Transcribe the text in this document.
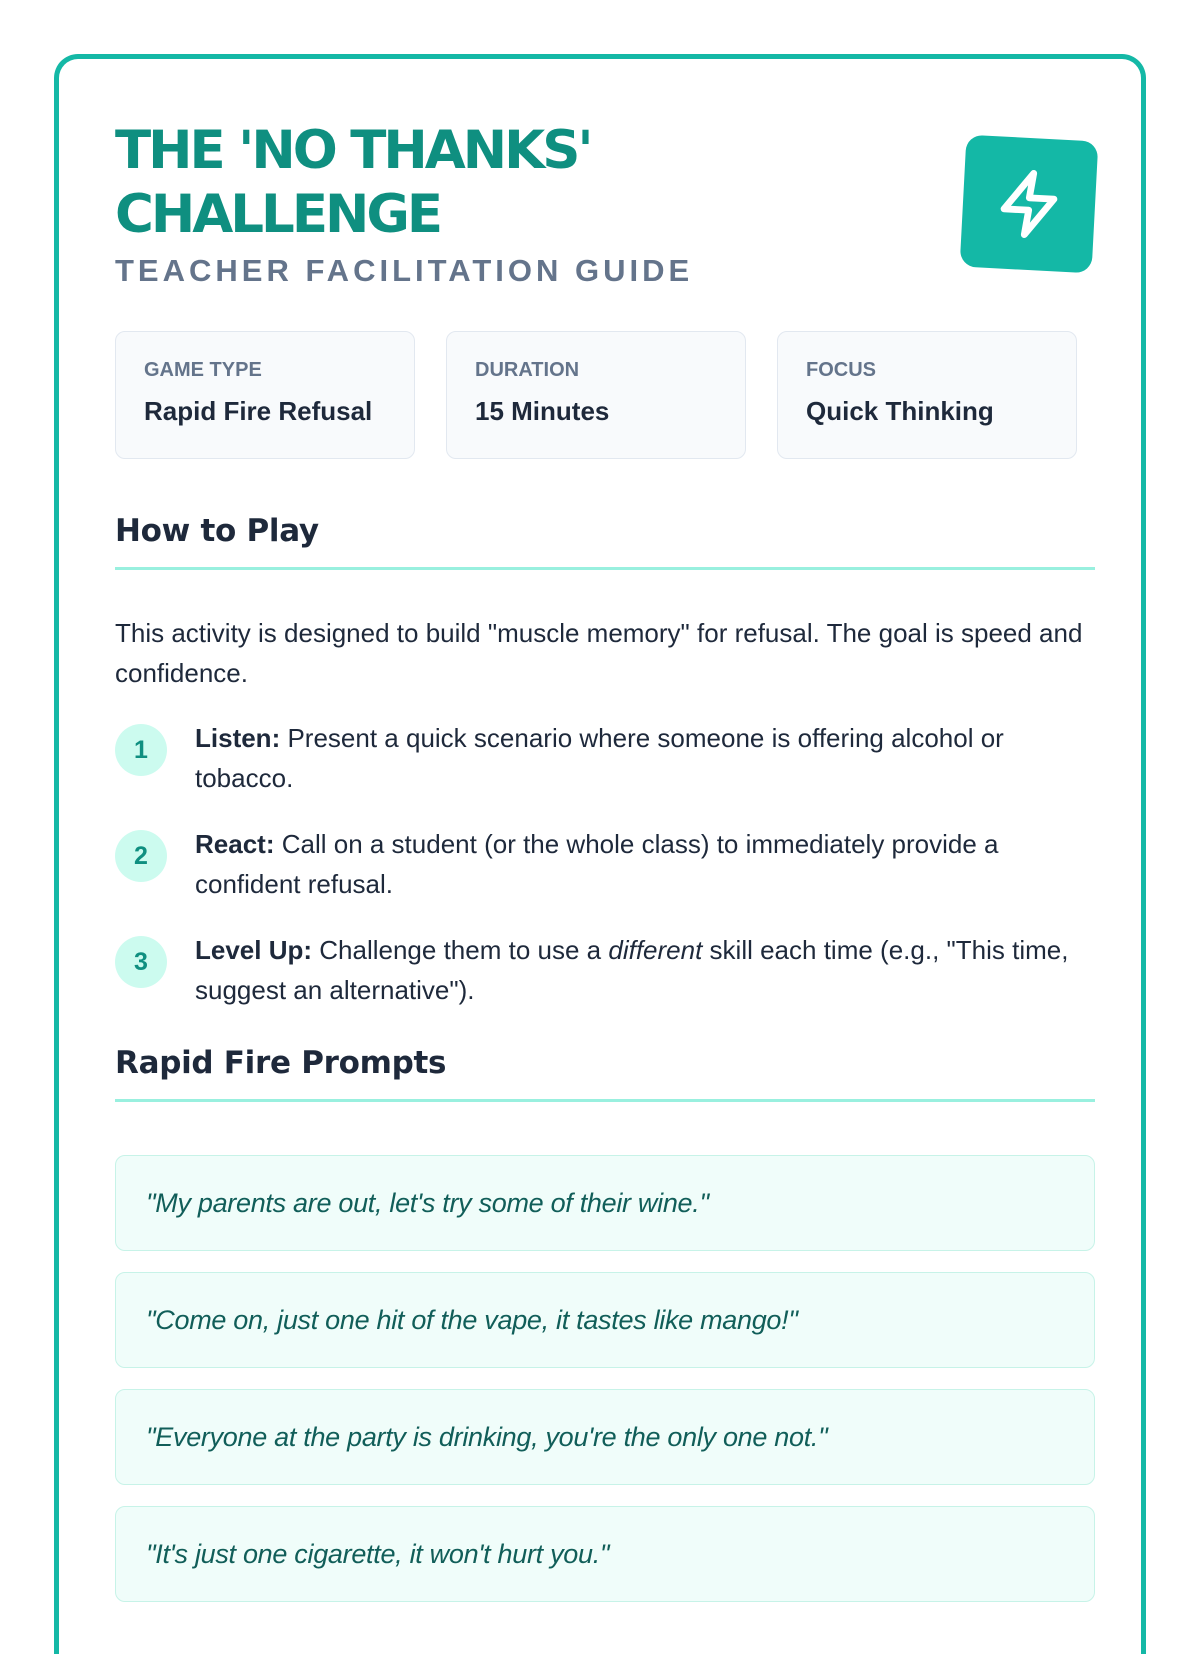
THE 'NO THANKS'
CHALLENGE
TEACHER FACILITATION GUIDE
GAME TYPE
Rapid Fire Refusal
DURATION
15 Minutes
FOCUS
Quick Thinking
How to Play

This activity is designed to build "muscle memory" for refusal. The goal is speed and confidence.

1	Listen: Present a quick scenario where someone is offering alcohol or tobacco.
2	React: Call on a student (or the whole class) to immediately provide a confident refusal.
3	Level Up: Challenge them to use a different skill each time (e.g., "This time, suggest an alternative").
Rapid Fire Prompts
"My parents are out, let's try some of their wine."
"Come on, just one hit of the vape, it tastes like mango!"
"Everyone at the party is drinking, you're the only one not."
"It's just one cigarette, it won't hurt you."
